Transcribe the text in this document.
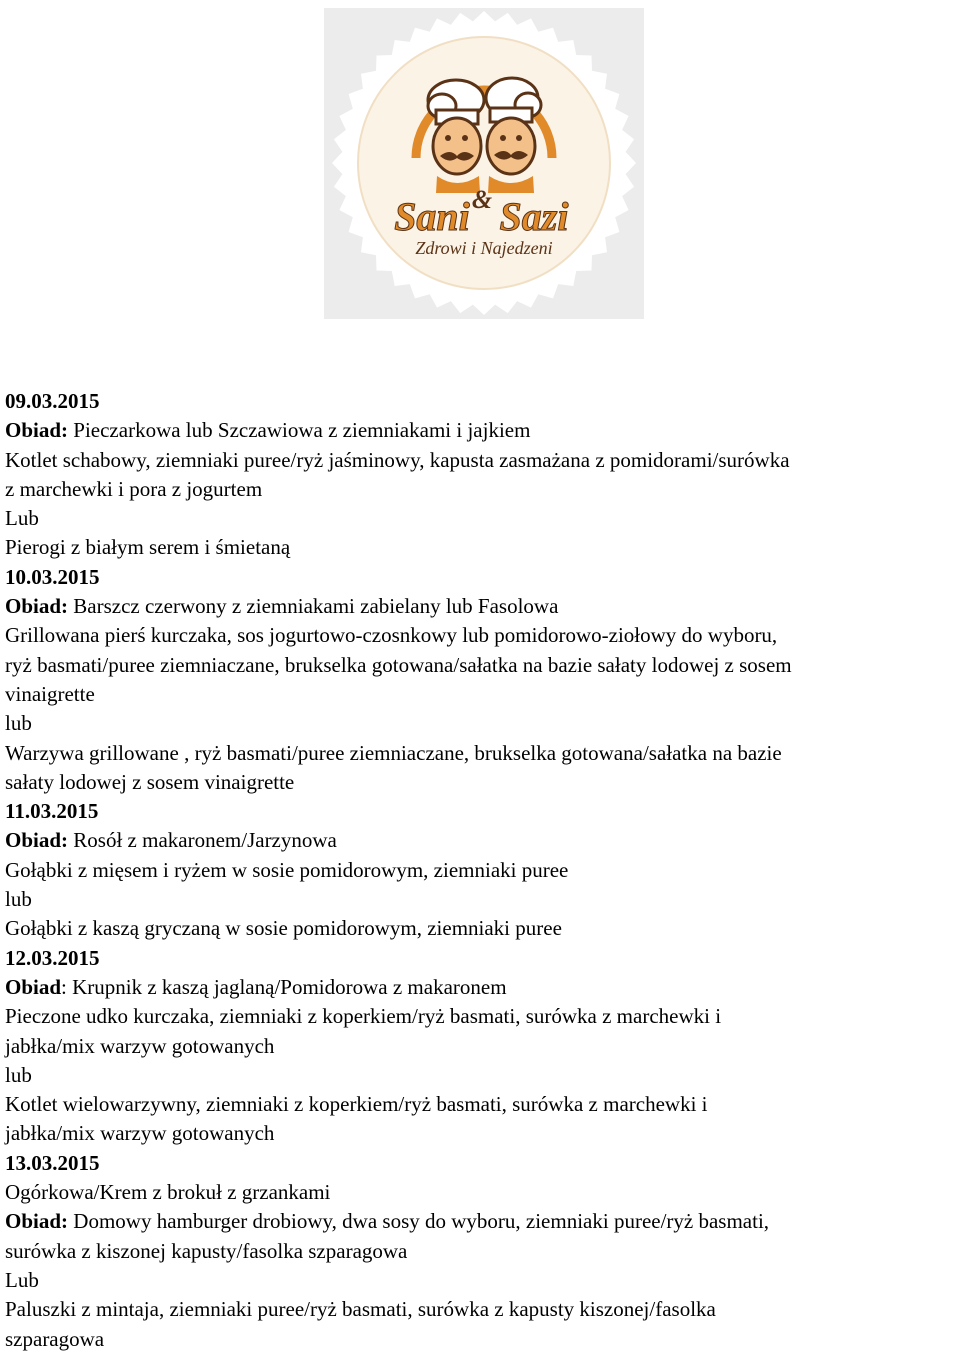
Sani & Sazi
Zdrowi i Najedzeni
09.03.2015
Obiad: Pieczarkowa lub Szczawiowa z ziemniakami i jajkiem
Kotlet schabowy, ziemniaki puree/ryż jaśminowy, kapusta zasmażana z pomidorami/surówka
z marchewki i pora z jogurtem
Lub
Pierogi z białym serem i śmietaną
10.03.2015
Obiad: Barszcz czerwony z ziemniakami zabielany lub Fasolowa
Grillowana pierś kurczaka, sos jogurtowo-czosnkowy lub pomidorowo-ziołowy do wyboru,
ryż basmati/puree ziemniaczane, brukselka gotowana/sałatka na bazie sałaty lodowej z sosem
vinaigrette
lub
Warzywa grillowane , ryż basmati/puree ziemniaczane, brukselka gotowana/sałatka na bazie
sałaty lodowej z sosem vinaigrette
11.03.2015
Obiad: Rosół z makaronem/Jarzynowa
Gołąbki z mięsem i ryżem w sosie pomidorowym, ziemniaki puree
lub
Gołąbki z kaszą gryczaną w sosie pomidorowym, ziemniaki puree
12.03.2015
Obiad: Krupnik z kaszą jaglaną/Pomidorowa z makaronem
Pieczone udko kurczaka, ziemniaki z koperkiem/ryż basmati, surówka z marchewki i
jabłka/mix warzyw gotowanych
lub
Kotlet wielowarzywny, ziemniaki z koperkiem/ryż basmati, surówka z marchewki i
jabłka/mix warzyw gotowanych
13.03.2015
Ogórkowa/Krem z brokuł z grzankami
Obiad: Domowy hamburger drobiowy, dwa sosy do wyboru, ziemniaki puree/ryż basmati,
surówka z kiszonej kapusty/fasolka szparagowa
Lub
Paluszki z mintaja, ziemniaki puree/ryż basmati, surówka z kapusty kiszonej/fasolka
szparagowa
